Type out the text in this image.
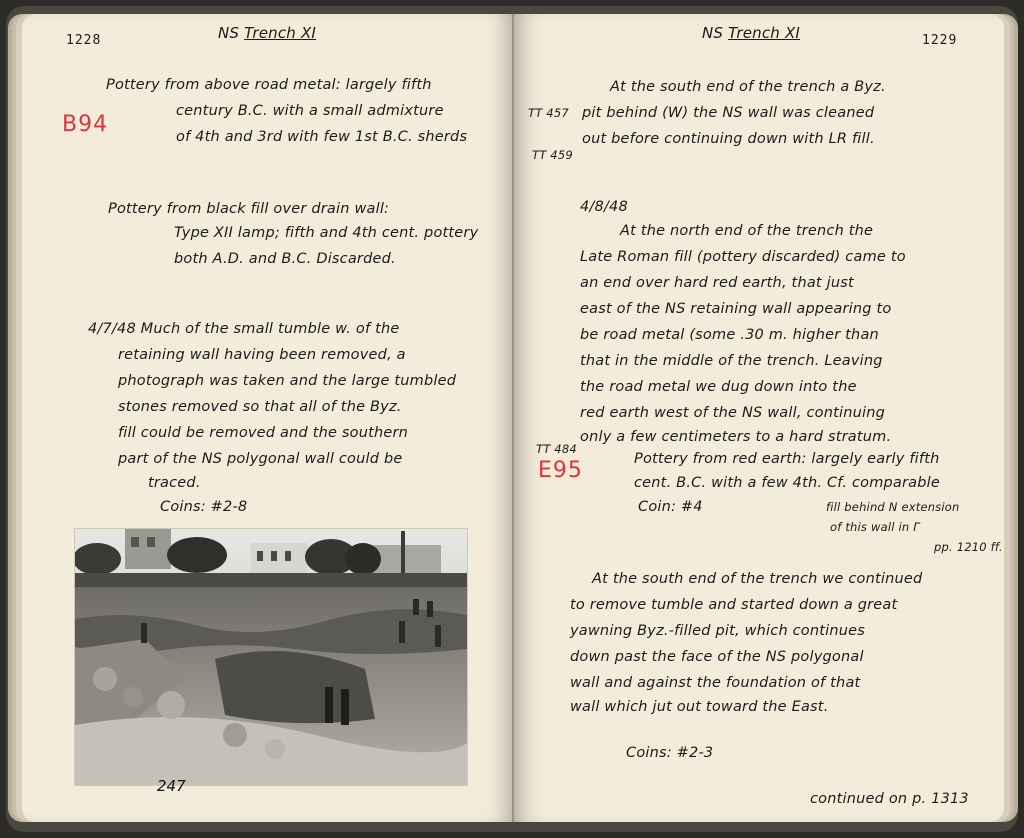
1228	NS Trench XI
B94
Pottery from above road metal: largely fifth
century B.C. with a small admixture
of 4th and 3rd with few 1st B.C. sherds
Pottery from black fill over drain wall:
Type XII lamp; fifth and 4th cent. pottery
both A.D. and B.C. Discarded.
4/7/48 Much of the small tumble w. of the
retaining wall having been removed, a
photograph was taken and the large tumbled
stones removed so that all of the Byz.
fill could be removed and the southern
part of the NS polygonal wall could be
traced.
Coins: #2-8
247
NS Trench XI	1229
TT 457
TT 459
TT 484
E95
At the south end of the trench a Byz.
pit behind (W) the NS wall was cleaned
out before continuing down with LR fill.
4/8/48
At the north end of the trench the
Late Roman fill (pottery discarded) came to
an end over hard red earth, that just
east of the NS retaining wall appearing to
be road metal (some .30 m. higher than
that in the middle of the trench. Leaving
the road metal we dug down into the
red earth west of the NS wall, continuing
only a few centimeters to a hard stratum.
Pottery from red earth: largely early fifth
cent. B.C. with a few 4th. Cf. comparable
Coin: #4	fill behind N extension
of this wall in Γ
pp. 1210 ff.
At the south end of the trench we continued
to remove tumble and started down a great
yawning Byz.-filled pit, which continues
down past the face of the NS polygonal
wall and against the foundation of that
wall which jut out toward the East.
Coins: #2-3
continued on p. 1313
